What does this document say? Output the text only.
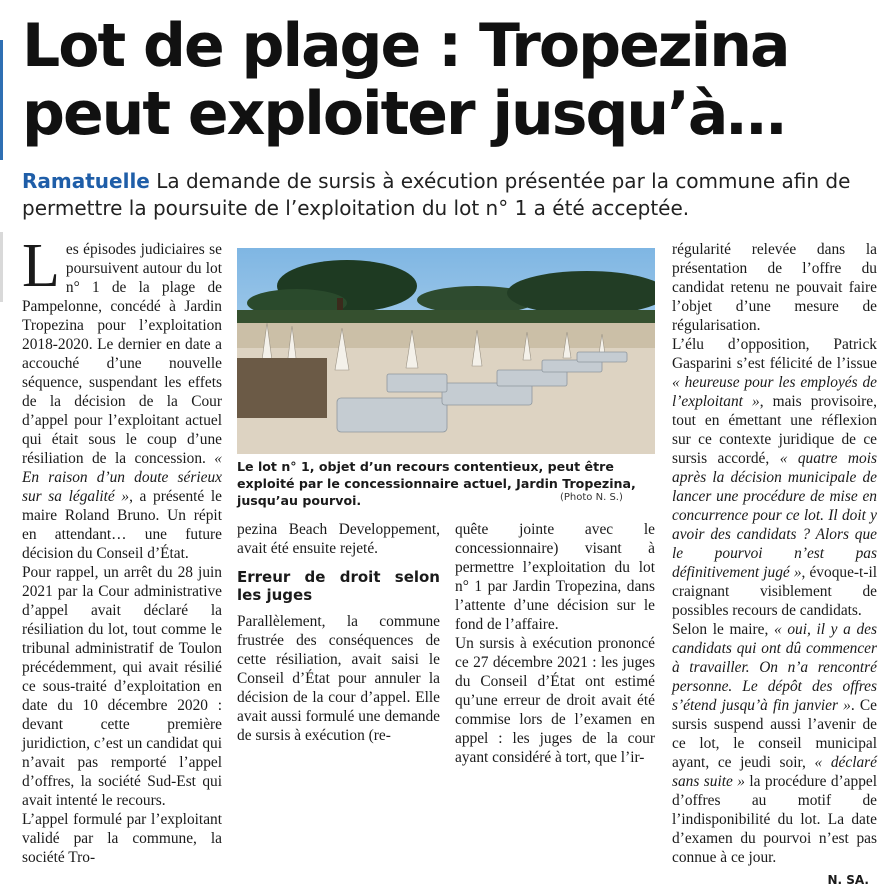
Lot de plage : Tropezina peut exploiter jusqu’à…

Ramatuelle La demande de sursis à exécution présentée par la commune afin de permettre la poursuite de l’exploitation du lot n° 1 a été acceptée.

Les épisodes judiciaires se poursuivent autour du lot n° 1 de la plage de Pampelonne, concédé à Jardin Tropezina pour l’exploitation 2018-2020. Le dernier en date a accouché d’une nouvelle séquence, suspendant les effets de la décision de la Cour d’appel pour l’exploitant actuel qui était sous le coup d’une résiliation de la concession. « En raison d’un doute sérieux sur sa légalité », a présenté le maire Roland Bruno. Un répit en attendant… une future décision du Conseil d’État.

Pour rappel, un arrêt du 28 juin 2021 par la Cour administrative d’appel avait déclaré la résiliation du lot, tout comme le tribunal administratif de Toulon précédemment, qui avait résilié ce sous-traité d’exploitation en date du 10 décembre 2020 : devant cette première juridiction, c’est un candidat qui n’avait pas remporté l’appel d’offres, la société Sud-Est qui avait intenté le recours.

L’appel formulé par l’exploitant validé par la commune, la société Tro-

Le lot n° 1, objet d’un recours contentieux, peut être exploité par le concessionnaire actuel, Jardin Tropezina, jusqu’au pourvoi.	(Photo N. S.)

pezina Beach Developpement, avait été ensuite rejeté.

Erreur de droit selon les juges

Parallèlement, la commune frustrée des conséquences de cette résiliation, avait saisi le Conseil d’État pour annuler la décision de la cour d’appel. Elle avait aussi formulé une demande de sursis à exécution (re-

quête jointe avec le concessionnaire) visant à permettre l’exploitation du lot n° 1 par Jardin Tropezina, dans l’attente d’une décision sur le fond de l’affaire.

Un sursis à exécution prononcé ce 27 décembre 2021 : les juges du Conseil d’État ont estimé qu’une erreur de droit avait été commise lors de l’examen en appel : les juges de la cour ayant considéré à tort, que l’ir-

régularité relevée dans la présentation de l’offre du candidat retenu ne pouvait faire l’objet d’une mesure de régularisation.

L’élu d’opposition, Patrick Gasparini s’est félicité de l’issue « heureuse pour les employés de l’exploitant », mais provisoire, tout en émettant une réflexion sur ce contexte juridique de ce sursis accordé, « quatre mois après la décision municipale de lancer une procédure de mise en concurrence pour ce lot. Il doit y avoir des candidats ? Alors que le pourvoi n’est pas définitivement jugé », évoque-t-il craignant visiblement de possibles recours de candidats.

Selon le maire, « oui, il y a des candidats qui ont dû commencer à travailler. On n’a rencontré personne. Le dépôt des offres s’étend jusqu’à fin janvier ». Ce sursis suspend aussi l’avenir de ce lot, le conseil municipal ayant, ce jeudi soir, « déclaré sans suite » la procédure d’appel d’offres au motif de l’indisponibilité du lot. La date d’examen du pourvoi n’est pas connue à ce jour.

N. SA.
